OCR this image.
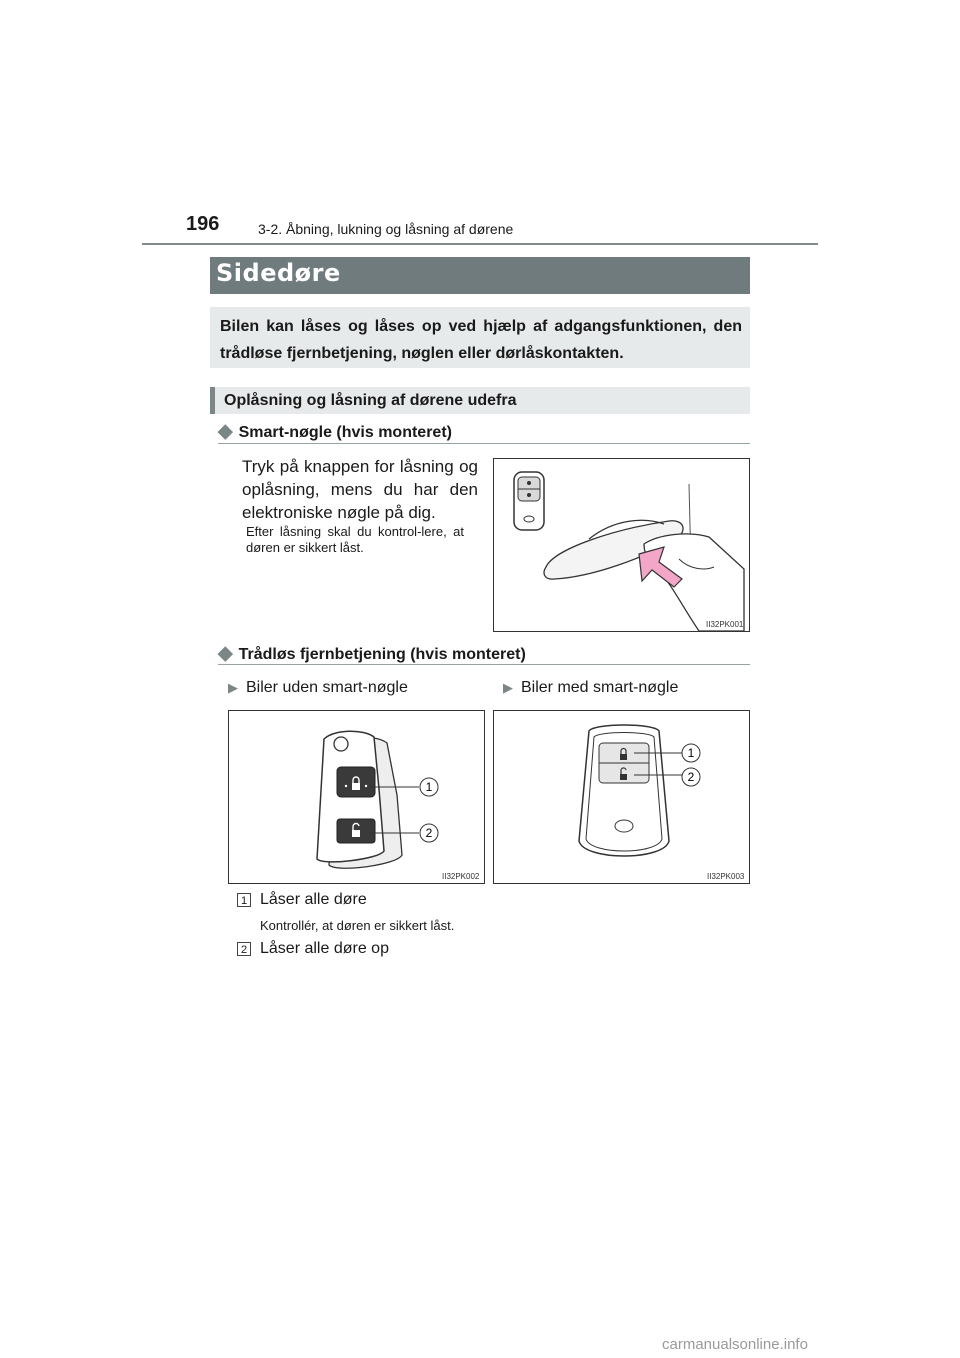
196	3-2. Åbning, lukning og låsning af dørene
Sidedøre
Bilen kan låses og låses op ved hjælp af adgangsfunktionen, den trådløse fjernbetjening, nøglen eller dørlåskontakten.
Oplåsning og låsning af dørene udefra
◆ Smart-nøgle (hvis monteret)
Tryk på knappen for låsning og oplåsning, mens du har den elektroniske nøgle på dig.
Efter låsning skal du kontrol-lere, at døren er sikkert låst.
II32PK001
◆ Trådløs fjernbetjening (hvis monteret)
▶ Biler uden smart-nøgle	▶ Biler med smart-nøgle
1
2
II32PK002
1
2
II32PK003
1 Låser alle døre
Kontrollér, at døren er sikkert låst.
2 Låser alle døre op
carmanualsonline.info
